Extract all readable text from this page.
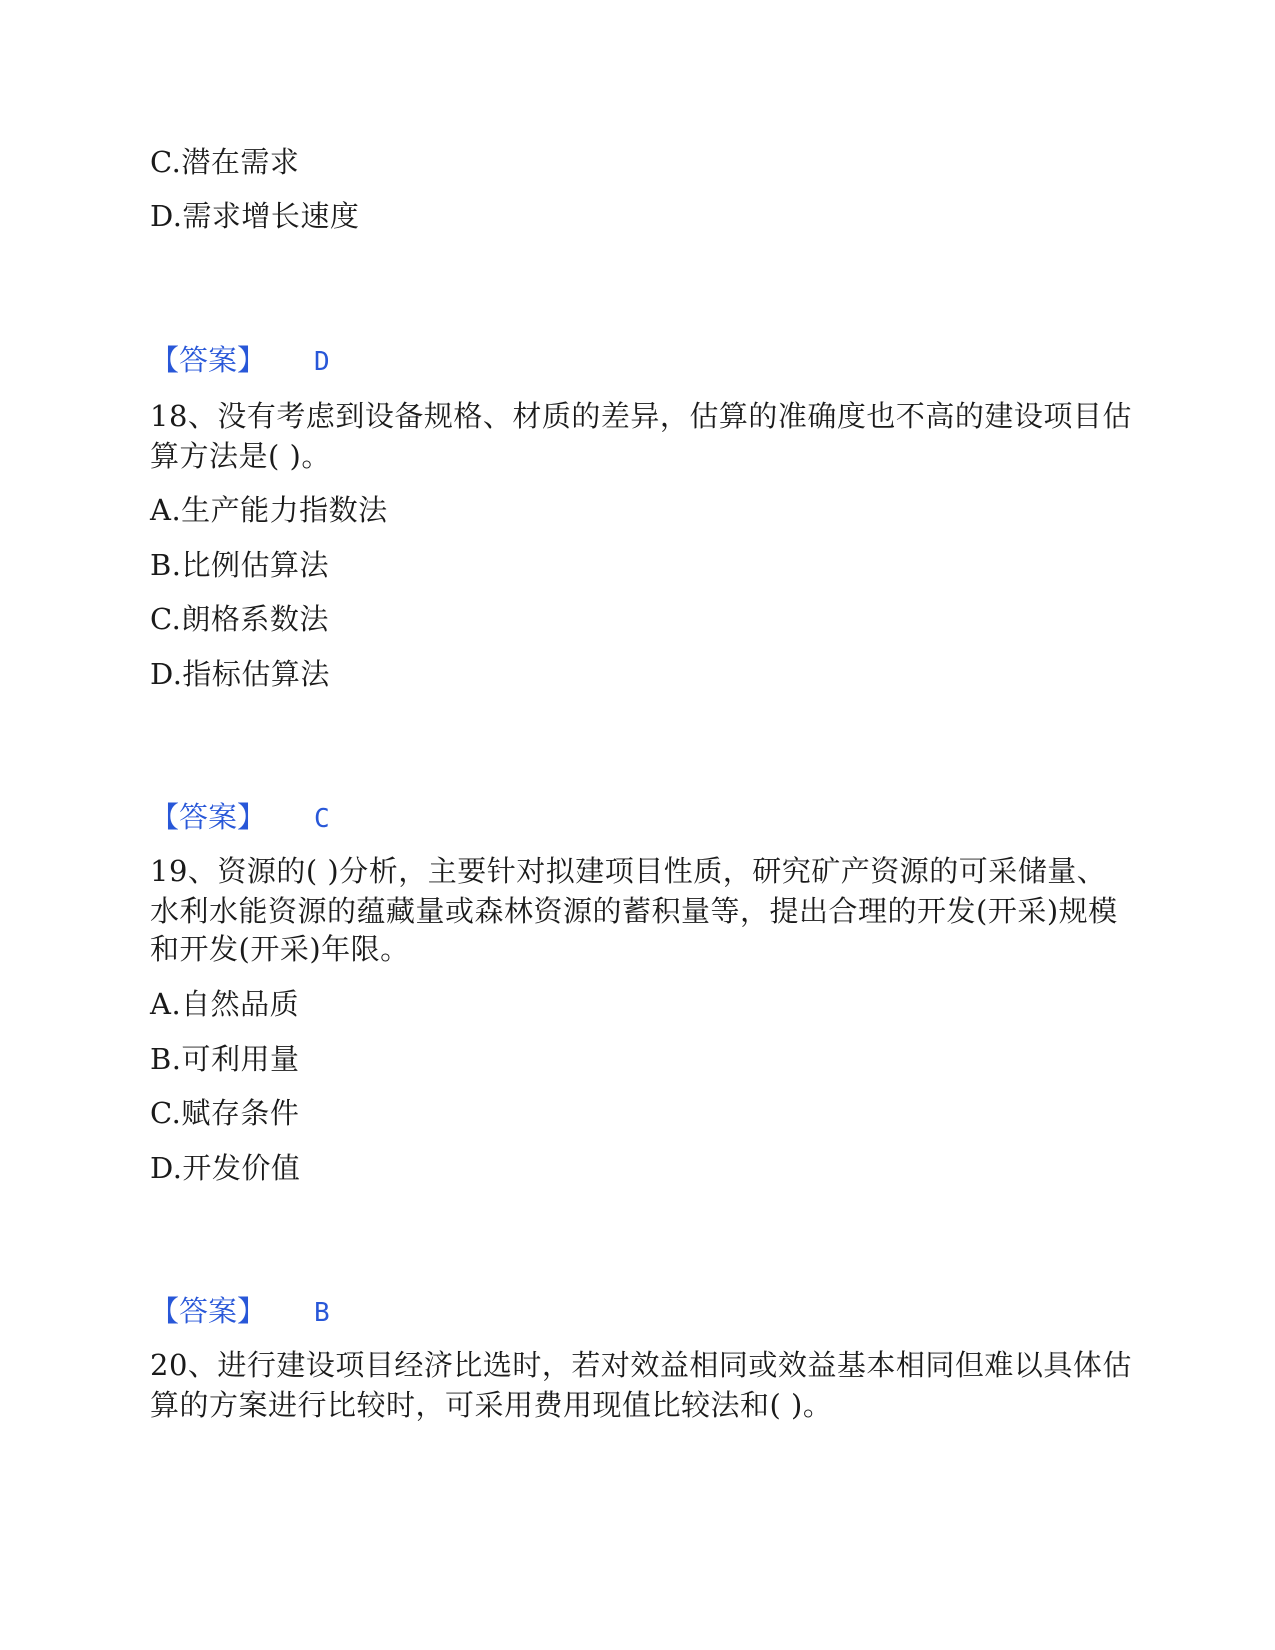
C.潜在需求
D.需求增长速度
【答案】 D
18、没有考虑到设备规格、材质的差异，估算的准确度也不高的建设项目估
算方法是( )。
A.生产能力指数法
B.比例估算法
C.朗格系数法
D.指标估算法
【答案】 C
19、资源的( )分析，主要针对拟建项目性质，研究矿产资源的可采储量、
水利水能资源的蕴藏量或森林资源的蓄积量等，提出合理的开发(开采)规模
和开发(开采)年限。
A.自然品质
B.可利用量
C.赋存条件
D.开发价值
【答案】 B
20、进行建设项目经济比选时，若对效益相同或效益基本相同但难以具体估
算的方案进行比较时，可采用费用现值比较法和( )。
